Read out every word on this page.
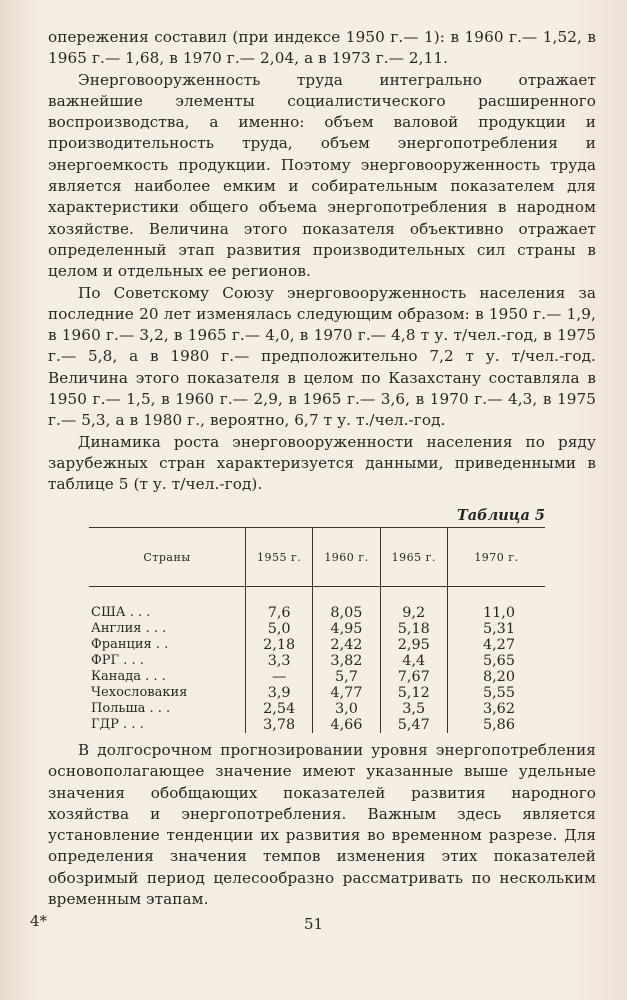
опережения составил (при индексе 1950 г.— 1): в 1960 г.— 1,52, в 1965 г.— 1,68, в 1970 г.— 2,04, а в 1973 г.— 2,11.

Энерговооруженность труда интегрально отражает важнейшие элементы социалистического расширенного воспроизводства, а именно: объем валовой продукции и производительность труда, объем энергопотребления и энергоемкость продукции. Поэтому энерговооруженность труда является наиболее емким и собирательным показателем для характеристики общего объема энергопотребления в народном хозяйстве. Величина этого показателя объективно отражает определенный этап развития производительных сил страны в целом и отдельных ее регионов.

По Советскому Союзу энерговооруженность населения за последние 20 лет изменялась следующим образом: в 1950 г.— 1,9, в 1960 г.— 3,2, в 1965 г.— 4,0, в 1970 г.— 4,8 т у. т/чел.-год, в 1975 г.— 5,8, а в 1980 г.— предположительно 7,2 т у. т/чел.-год. Величина этого показателя в целом по Казахстану составляла в 1950 г.— 1,5, в 1960 г.— 2,9, в 1965 г.— 3,6, в 1970 г.— 4,3, в 1975 г.— 5,3, а в 1980 г., вероятно, 6,7 т у. т./чел.-год.

Динамика роста энерговооруженности населения по ряду зарубежных стран характеризуется данными, приведенными в таблице 5 (т у. т/чел.-год).

Таблица 5
Страны	1955 г.	1960 г.	1965 г.	1970 г.
США . . .	7,6	8,05	9,2	11,0
Англия . . .	5,0	4,95	5,18	5,31
Франция . .	2,18	2,42	2,95	4,27
ФРГ . . .	3,3	3,82	4,4	5,65
Канада . . .	—	5,7	7,67	8,20
Чехословакия	3,9	4,77	5,12	5,55
Польша . . .	2,54	3,0	3,5	3,62
ГДР . . .	3,78	4,66	5,47	5,86

В долгосрочном прогнозировании уровня энергопотребления основополагающее значение имеют указанные выше удельные значения обобщающих показателей развития народного хозяйства и энергопотребления. Важным здесь является установление тенденции их развития во временном разрезе. Для определения значения темпов изменения этих показателей обозримый период целесообразно рассматривать по нескольким временным этапам.

4*	51
